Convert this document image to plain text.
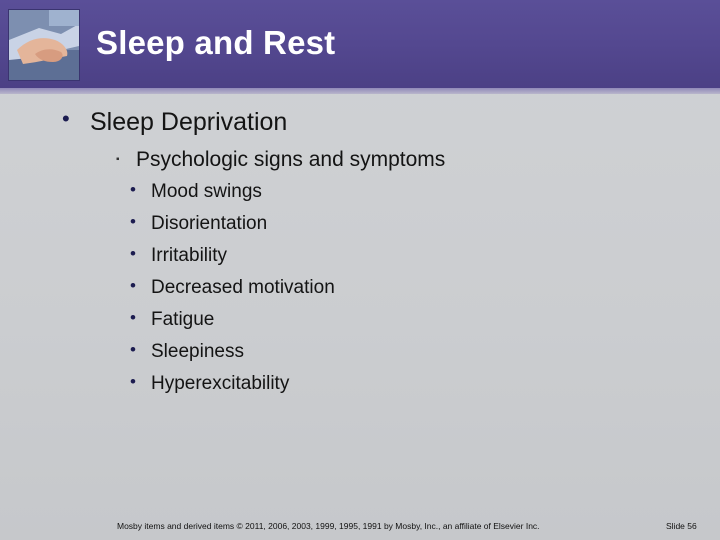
Sleep and Rest
• Sleep Deprivation
▪ Psychologic signs and symptoms
• Mood swings
• Disorientation
• Irritability
• Decreased motivation
• Fatigue
• Sleepiness
• Hyperexcitability
Mosby items and derived items © 2011, 2006, 2003, 1999, 1995, 1991 by Mosby, Inc., an affiliate of Elsevier Inc.	Slide 56
